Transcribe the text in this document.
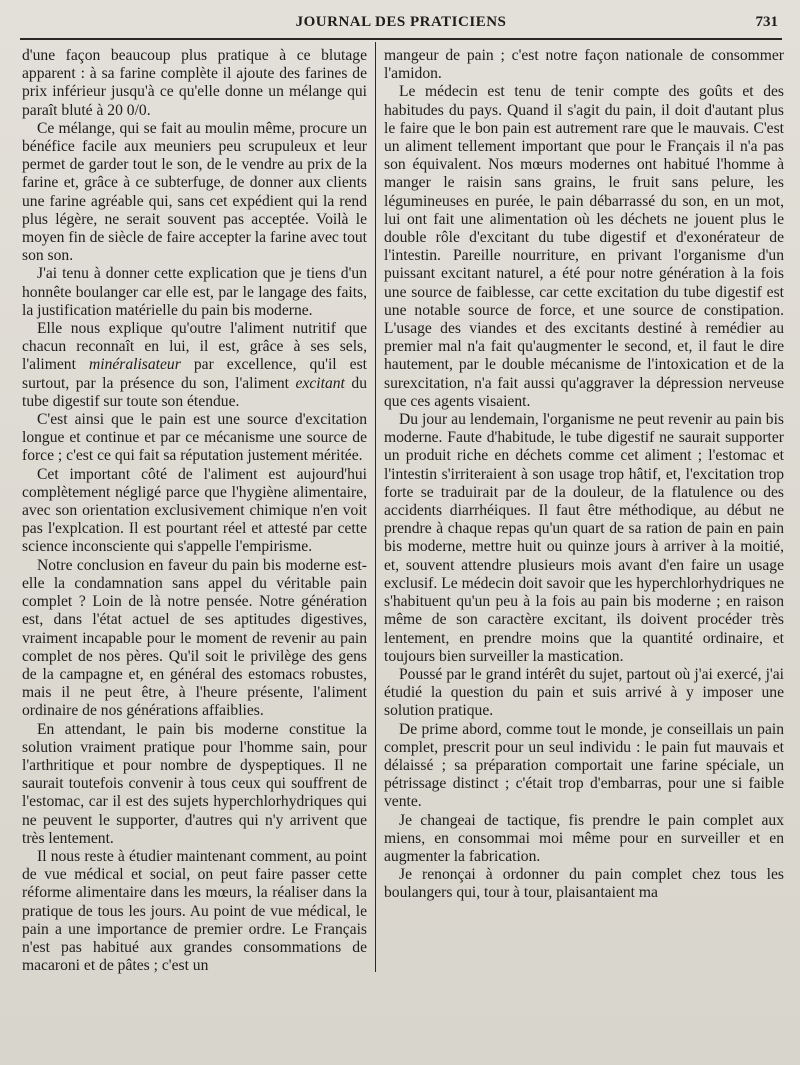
JOURNAL DES PRATICIENS	731

d'une façon beaucoup plus pratique à ce blutage apparent : à sa farine complète il ajoute des farines de prix inférieur jusqu'à ce qu'elle donne un mélange qui paraît bluté à 20 0/0.

Ce mélange, qui se fait au moulin même, procure un bénéfice facile aux meuniers peu scrupuleux et leur permet de garder tout le son, de le vendre au prix de la farine et, grâce à ce subterfuge, de donner aux clients une farine agréable qui, sans cet expédient qui la rend plus légère, ne serait souvent pas acceptée. Voilà le moyen fin de siècle de faire accepter la farine avec tout son son.

J'ai tenu à donner cette explication que je tiens d'un honnête boulanger car elle est, par le langage des faits, la justification matérielle du pain bis moderne.

Elle nous explique qu'outre l'aliment nutritif que chacun reconnaît en lui, il est, grâce à ses sels, l'aliment minéralisateur par excellence, qu'il est surtout, par la présence du son, l'aliment excitant du tube digestif sur toute son étendue.

C'est ainsi que le pain est une source d'excitation longue et continue et par ce mécanisme une source de force ; c'est ce qui fait sa réputation justement méritée.

Cet important côté de l'aliment est aujourd'hui complètement négligé parce que l'hygiène alimentaire, avec son orientation exclusivement chimique n'en voit pas l'explcation. Il est pourtant réel et attesté par cette science inconsciente qui s'appelle l'empirisme.

Notre conclusion en faveur du pain bis moderne est-elle la condamnation sans appel du véritable pain complet ? Loin de là notre pensée. Notre génération est, dans l'état actuel de ses aptitudes digestives, vraiment incapable pour le moment de revenir au pain complet de nos pères. Qu'il soit le privilège des gens de la campagne et, en général des estomacs robustes, mais il ne peut être, à l'heure présente, l'aliment ordinaire de nos générations affaiblies.

En attendant, le pain bis moderne constitue la solution vraiment pratique pour l'homme sain, pour l'arthritique et pour nombre de dyspeptiques. Il ne saurait toutefois convenir à tous ceux qui souffrent de l'estomac, car il est des sujets hyperchlorhydriques qui ne peuvent le supporter, d'autres qui n'y arrivent que très lentement.

Il nous reste à étudier maintenant comment, au point de vue médical et social, on peut faire passer cette réforme alimentaire dans les mœurs, la réaliser dans la pratique de tous les jours. Au point de vue médical, le pain a une importance de premier ordre. Le Français n'est pas habitué aux grandes consommations de macaroni et de pâtes ; c'est un

mangeur de pain ; c'est notre façon nationale de consommer l'amidon.

Le médecin est tenu de tenir compte des goûts et des habitudes du pays. Quand il s'agit du pain, il doit d'autant plus le faire que le bon pain est autrement rare que le mauvais. C'est un aliment tellement important que pour le Français il n'a pas son équivalent. Nos mœurs modernes ont habitué l'homme à manger le raisin sans grains, le fruit sans pelure, les légumineuses en purée, le pain débarrassé du son, en un mot, lui ont fait une alimentation où les déchets ne jouent plus le double rôle d'excitant du tube digestif et d'exonérateur de l'intestin. Pareille nourriture, en privant l'organisme d'un puissant excitant naturel, a été pour notre génération à la fois une source de faiblesse, car cette excitation du tube digestif est une notable source de force, et une source de constipation. L'usage des viandes et des excitants destiné à remédier au premier mal n'a fait qu'augmenter le second, et, il faut le dire hautement, par le double mécanisme de l'intoxication et de la surexcitation, n'a fait aussi qu'aggraver la dépression nerveuse que ces agents visaient.

Du jour au lendemain, l'organisme ne peut revenir au pain bis moderne. Faute d'habitude, le tube digestif ne saurait supporter un produit riche en déchets comme cet aliment ; l'estomac et l'intestin s'irriteraient à son usage trop hâtif, et, l'excitation trop forte se traduirait par de la douleur, de la flatulence ou des accidents diarrhéiques. Il faut être méthodique, au début ne prendre à chaque repas qu'un quart de sa ration de pain en pain bis moderne, mettre huit ou quinze jours à arriver à la moitié, et, souvent attendre plusieurs mois avant d'en faire un usage exclusif. Le médecin doit savoir que les hyperchlorhydriques ne s'habituent qu'un peu à la fois au pain bis moderne ; en raison même de son caractère excitant, ils doivent procéder très lentement, en prendre moins que la quantité ordinaire, et toujours bien surveiller la mastication.

Poussé par le grand intérêt du sujet, partout où j'ai exercé, j'ai étudié la question du pain et suis arrivé à y imposer une solution pratique.

De prime abord, comme tout le monde, je conseillais un pain complet, prescrit pour un seul individu : le pain fut mauvais et délaissé ; sa préparation comportait une farine spéciale, un pétrissage distinct ; c'était trop d'embarras, pour une si faible vente.

Je changeai de tactique, fis prendre le pain complet aux miens, en consommai moi même pour en surveiller et en augmenter la fabrication.

Je renonçai à ordonner du pain complet chez tous les boulangers qui, tour à tour, plaisantaient ma
